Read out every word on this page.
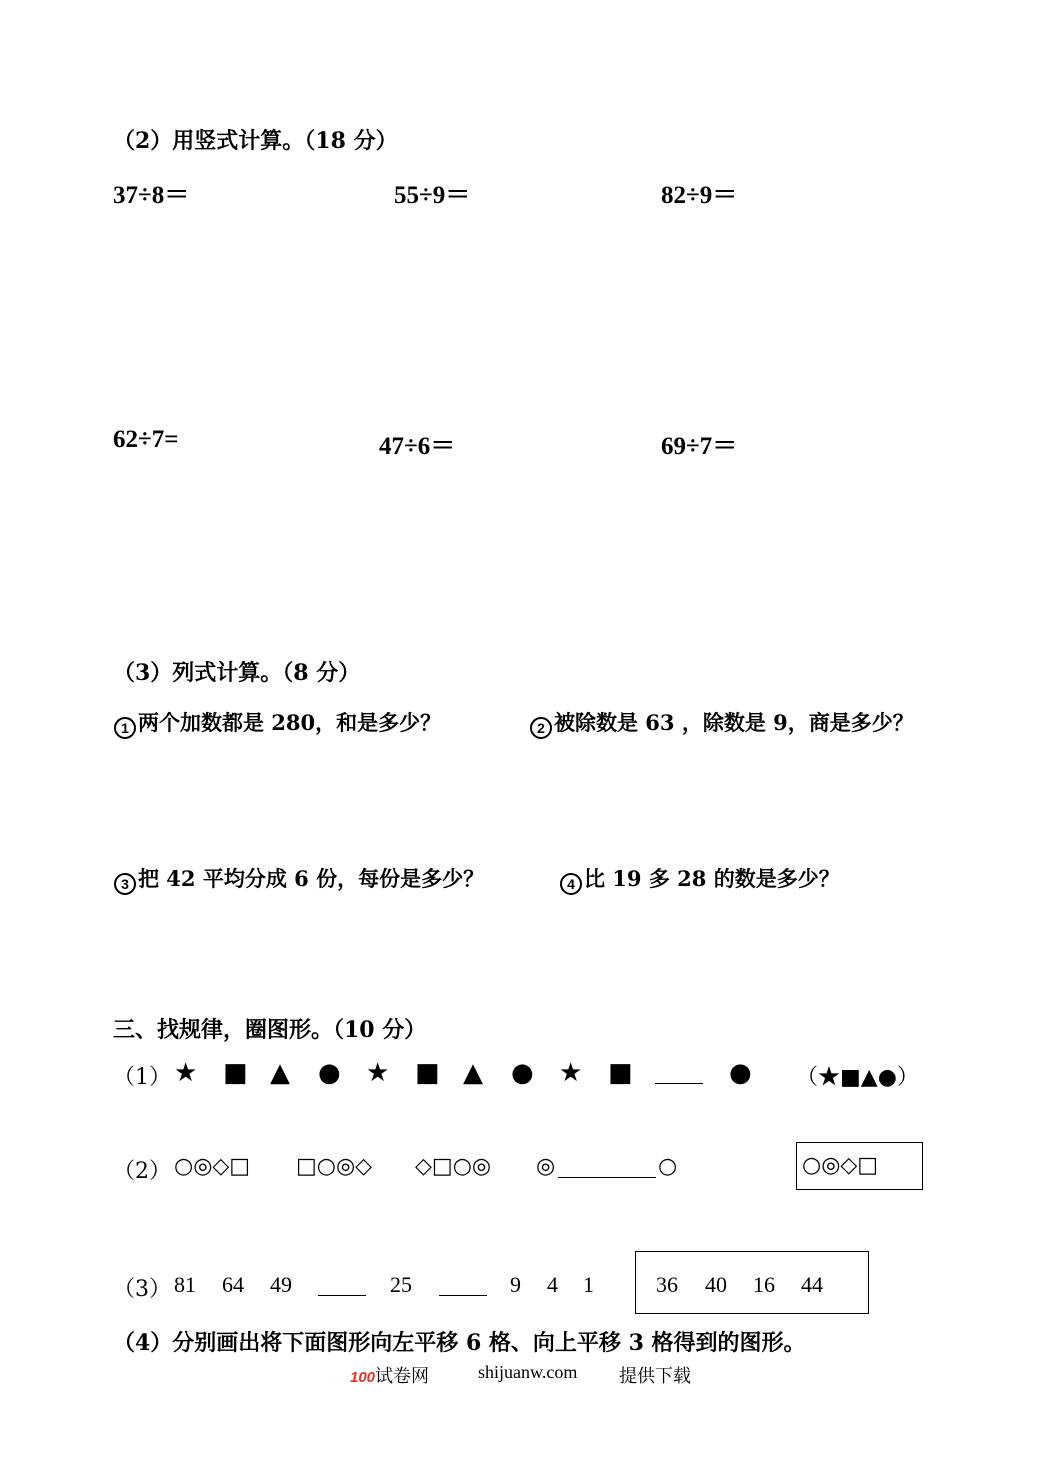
（2）用竖式计算。（18 分）
37÷8＝	55÷9＝	82÷9＝
62÷7=	47÷6＝	69÷7＝
（3）列式计算。（8 分）
1 两个加数都是 280，和是多少？	2 被除数是 63 ，除数是 9，商是多少？
3 把 42 平均分成 6 份，每份是多少？	4 比 19 多 28 的数是多少？
三、找规律，圈图形。（10 分）
（1） ★ ■ ▲ ● ★ ■ ▲ ● ★ ■	● （★■▲●）
（2） ○◎◇□ □○◎◇ ◇□○◎ ◎	○	○◎◇□
（3） 81 64 49	25	9 4 1	36 40 16 44
（4）分别画出将下面图形向左平移 6 格、向上平移 3 格得到的图形。
100试卷网	shijuanw.com 提供下载
